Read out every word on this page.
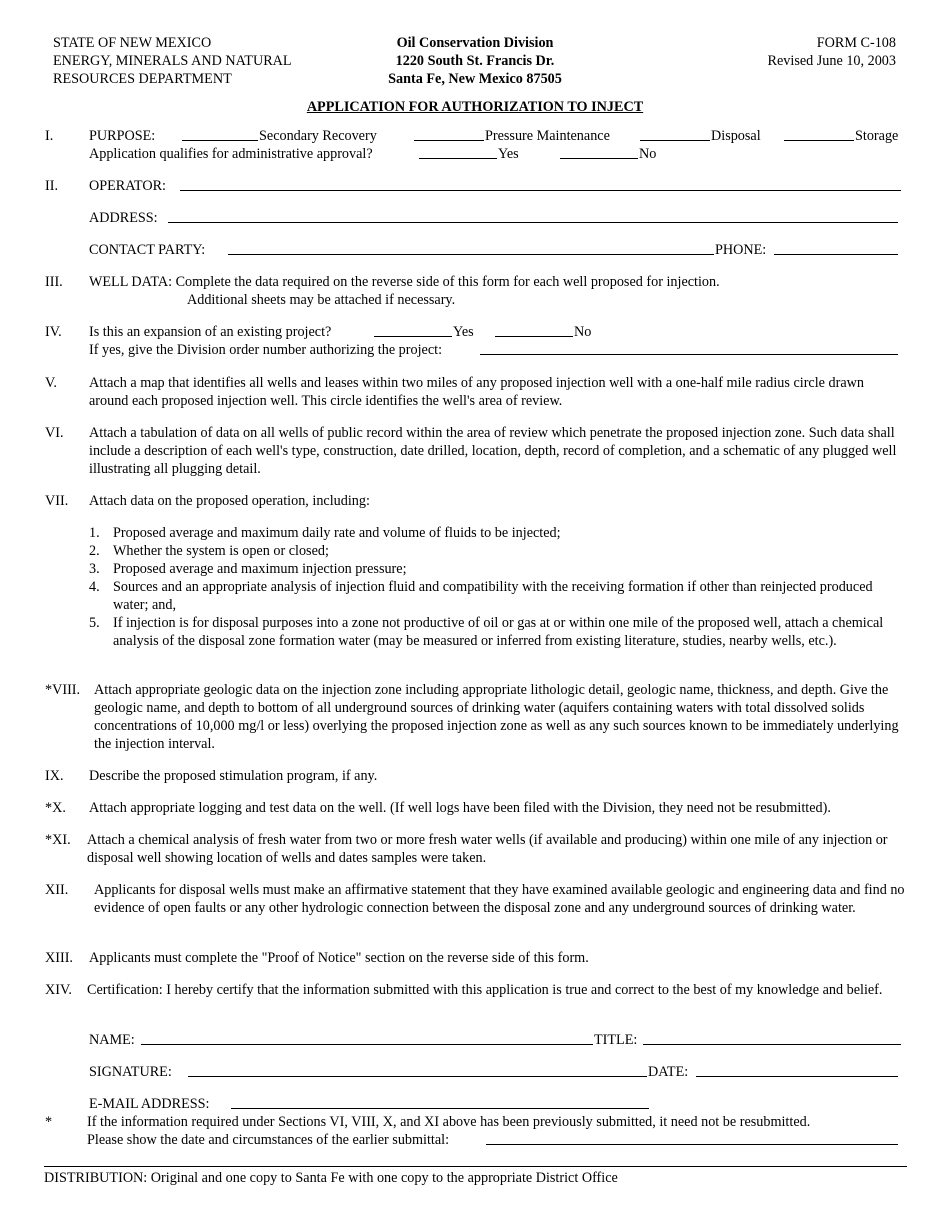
STATE OF NEW MEXICO
ENERGY, MINERALS AND NATURAL
RESOURCES DEPARTMENT
Oil Conservation Division
1220 South St. Francis Dr.
Santa Fe, New Mexico 87505
FORM C-108
Revised June 10, 2003
APPLICATION FOR AUTHORIZATION TO INJECT
I.	PURPOSE:	Secondary Recovery	Pressure Maintenance	Disposal	Storage
Application qualifies for administrative approval?	Yes	No
II. OPERATOR:
ADDRESS:
CONTACT PARTY:	PHONE:
III. WELL DATA: Complete the data required on the reverse side of this form for each well proposed for injection.
Additional sheets may be attached if necessary.
IV. Is this an expansion of an existing project?	Yes	No
If yes, give the Division order number authorizing the project:
V. Attach a map that identifies all wells and leases within two miles of any proposed injection well with a one-half mile radius circle drawn around each proposed injection well. This circle identifies the well's area of review.
VI. Attach a tabulation of data on all wells of public record within the area of review which penetrate the proposed injection zone. Such data shall include a description of each well's type, construction, date drilled, location, depth, record of completion, and a schematic of any plugged well illustrating all plugging detail.
VII. Attach data on the proposed operation, including:
1. Proposed average and maximum daily rate and volume of fluids to be injected;
2. Whether the system is open or closed;
3. Proposed average and maximum injection pressure;
4. Sources and an appropriate analysis of injection fluid and compatibility with the receiving formation if other than reinjected produced water; and,
5. If injection is for disposal purposes into a zone not productive of oil or gas at or within one mile of the proposed well, attach a chemical analysis of the disposal zone formation water (may be measured or inferred from existing literature, studies, nearby wells, etc.).
*VIII. Attach appropriate geologic data on the injection zone including appropriate lithologic detail, geologic name, thickness, and depth. Give the geologic name, and depth to bottom of all underground sources of drinking water (aquifers containing waters with total dissolved solids concentrations of 10,000 mg/l or less) overlying the proposed injection zone as well as any such sources known to be immediately underlying the injection interval.
IX. Describe the proposed stimulation program, if any.
*X. Attach appropriate logging and test data on the well. (If well logs have been filed with the Division, they need not be resubmitted).
*XI. Attach a chemical analysis of fresh water from two or more fresh water wells (if available and producing) within one mile of any injection or disposal well showing location of wells and dates samples were taken.
XII. Applicants for disposal wells must make an affirmative statement that they have examined available geologic and engineering data and find no evidence of open faults or any other hydrologic connection between the disposal zone and any underground sources of drinking water.
XIII. Applicants must complete the "Proof of Notice" section on the reverse side of this form.
XIV. Certification: I hereby certify that the information submitted with this application is true and correct to the best of my knowledge and belief.
NAME:	TITLE:
SIGNATURE:	DATE:
E-MAIL ADDRESS:
* If the information required under Sections VI, VIII, X, and XI above has been previously submitted, it need not be resubmitted.
Please show the date and circumstances of the earlier submittal:
DISTRIBUTION: Original and one copy to Santa Fe with one copy to the appropriate District Office
